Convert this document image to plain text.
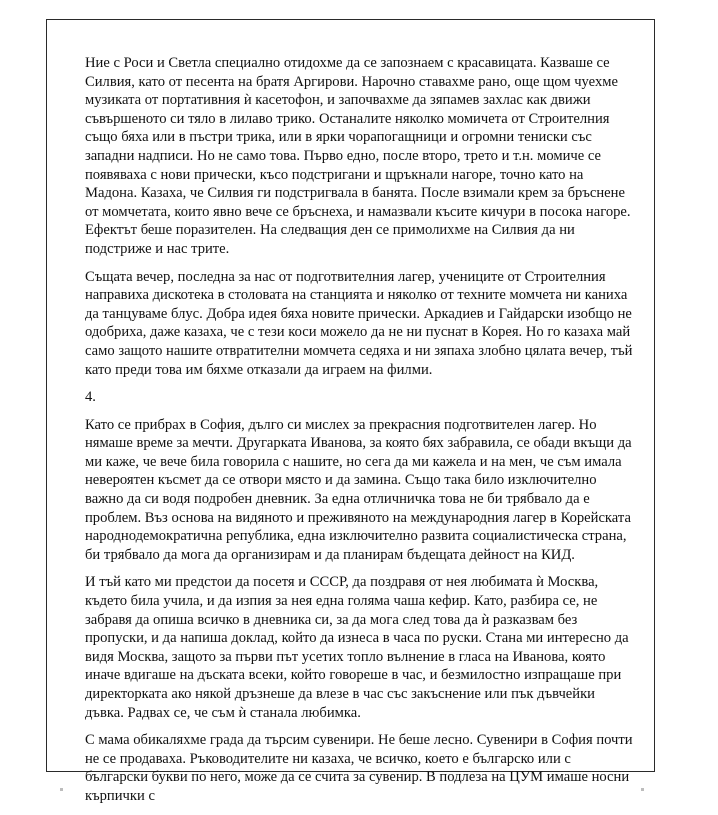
Ние с Роси и Светла специално отидохме да се запознаем с красавицата. Казваше се Силвия, като от песента на братя Аргирови. Нарочно ставахме рано, още щом чуехме музиката от портативния ѝ касетофон, и започвахме да зяпамев захлас как движи съвършеното си тяло в лилаво трико. Останалите няколко момичета от Строителния също бяха или в пъстри трика, или в ярки чорапогащници и огромни тениски със западни надписи. Но не само това. Първо едно, после второ, трето и т.н. момиче се появяваха с нови прически, късо подстригани и щръкнали нагоре, точно като на Мадона. Казаха, че Силвия ги подстригвала в банята. После взимали крем за бръснене от момчетата, които явно вече се бръснеха, и намазвали късите кичури в посока нагоре. Ефектът беше поразителен. На следващия ден се примолихме на Силвия да ни подстриже и нас трите.

Същата вечер, последна за нас от подготвителния лагер, учениците от Строителния направиха дискотека в столовата на станцията и няколко от техните момчета ни каниха да танцуваме блус. Добра идея бяха новите прически. Аркадиев и Гайдарски изобщо не одобриха, даже казаха, че с тези коси можело да не ни пуснат в Корея. Но го казаха май само защото нашите отвратителни момчета седяха и ни зяпаха злобно цялата вечер, тъй като преди това им бяхме отказали да играем на филми.

4.

Като се прибрах в София, дълго си мислех за прекрасния подготвителен лагер. Но нямаше време за мечти. Другарката Иванова, за която бях забравила, се обади вкъщи да ми каже, че вече била говорила с нашите, но сега да ми кажела и на мен, че съм имала невероятен късмет да се отвори място и да замина. Също така било изключително важно да си водя подробен дневник. За една отличничка това не би трябвало да е проблем. Въз основа на видяното и преживяното на международния лагер в Корейската народнодемократична република, една изключително развита социалистическа страна, би трябвало да мога да организирам и да планирам бъдещата дейност на КИД.

И тъй като ми предстои да посетя и СССР, да поздравя от нея любимата ѝ Москва, където била учила, и да изпия за нея една голяма чаша кефир. Като, разбира се, не забравя да опиша всичко в дневника си, за да мога след това да ѝ разказвам без пропуски, и да напиша доклад, който да изнеса в часа по руски. Стана ми интересно да видя Москва, защото за първи път усетих топло вълнение в гласа на Иванова, която иначе вдигаше на дъската всеки, който говореше в час, и безмилостно изпращаше при директорката ако някой дръзнеше да влезе в час със закъснение или пък дъвчейки дъвка. Радвах се, че съм ѝ станала любимка.

С мама обикаляхме града да търсим сувенири. Не беше лесно. Сувенири в София почти не се продаваха. Ръководителите ни казаха, че всичко, което е българско или с български букви по него, може да се счита за сувенир. В подлеза на ЦУМ имаше носни кърпички с
